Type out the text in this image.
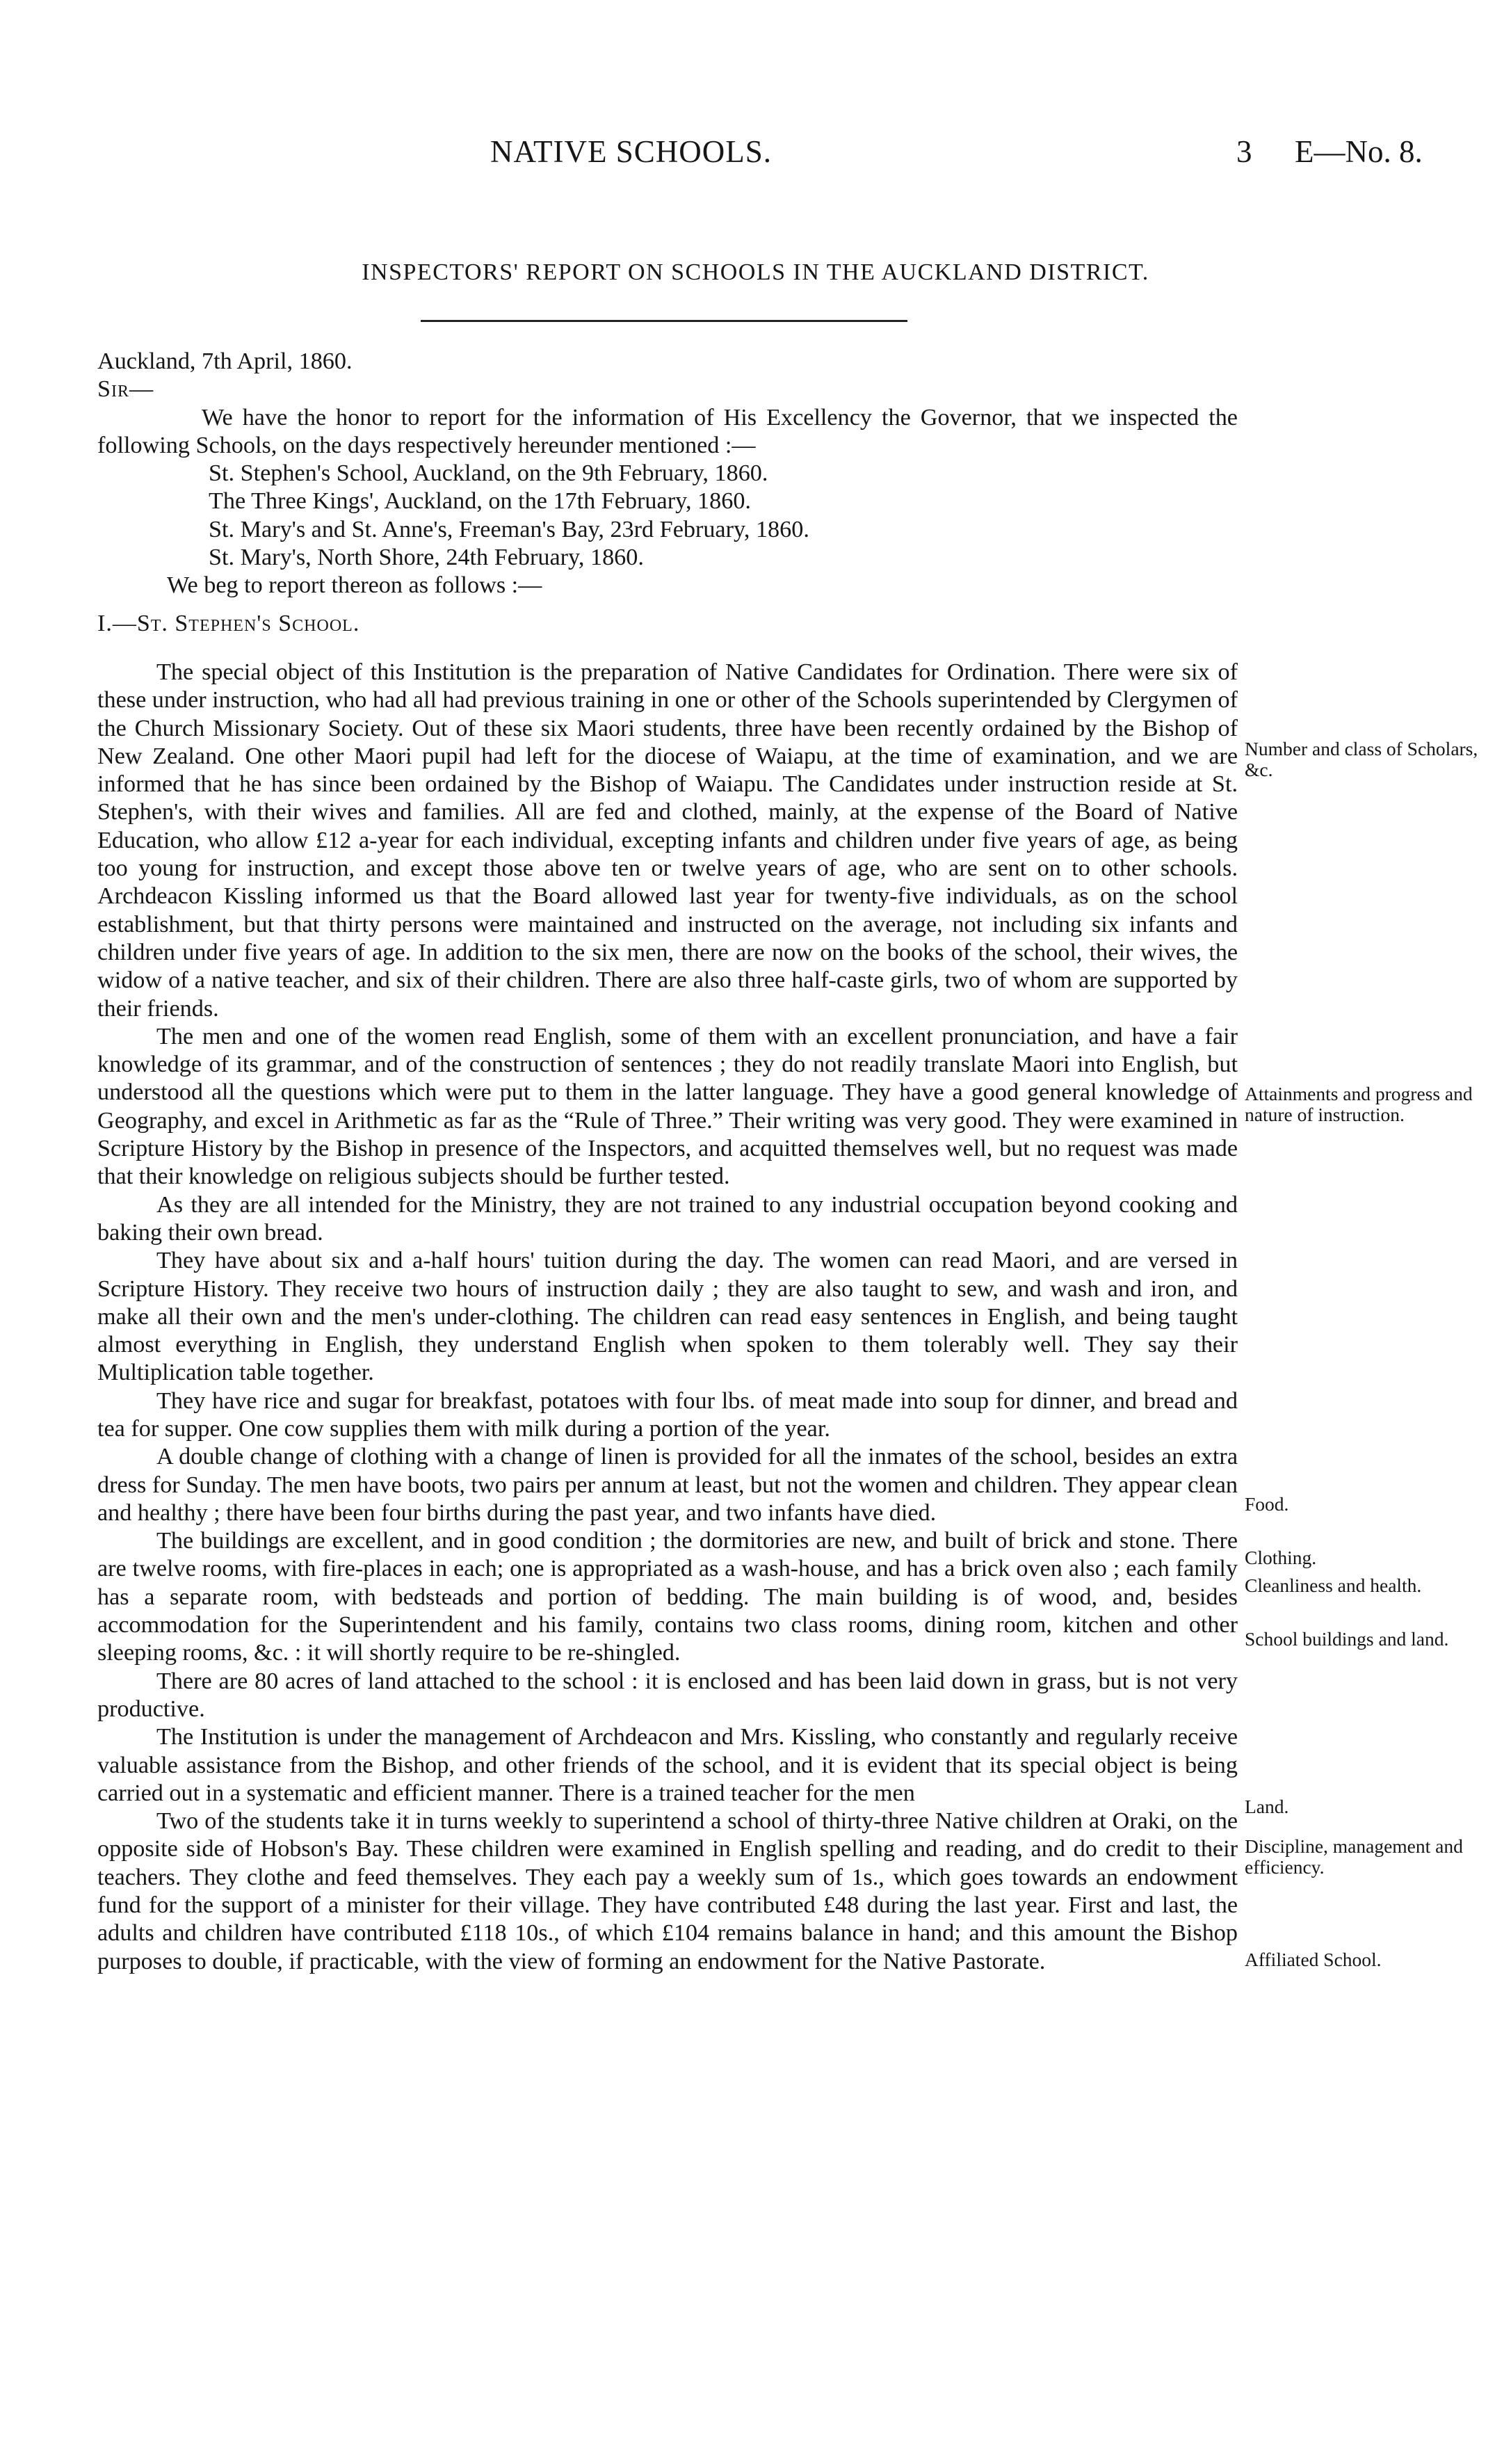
NATIVE SCHOOLS.	3 E—No. 8.
INSPECTORS' REPORT ON SCHOOLS IN THE AUCKLAND DISTRICT.

Auckland, 7th April, 1860.

Sir—

We have the honor to report for the information of His Excellency the Governor, that we inspected the following Schools, on the days respectively hereunder mentioned :—

St. Stephen's School, Auckland, on the 9th February, 1860.

The Three Kings', Auckland, on the 17th February, 1860.

St. Mary's and St. Anne's, Freeman's Bay, 23rd February, 1860.

St. Mary's, North Shore, 24th February, 1860.

We beg to report thereon as follows :—

I.—St. Stephen's School.

The special object of this Institution is the preparation of Native Candidates for Ordination. There were six of these under instruction, who had all had previous training in one or other of the Schools superintended by Clergymen of the Church Missionary Society. Out of these six Maori students, three have been recently ordained by the Bishop of New Zealand. One other Maori pupil had left for the diocese of Waiapu, at the time of examination, and we are informed that he has since been ordained by the Bishop of Waiapu. The Candidates under instruction reside at St. Stephen's, with their wives and families. All are fed and clothed, mainly, at the expense of the Board of Native Education, who allow £12 a-year for each individual, excepting infants and children under five years of age, as being too young for instruction, and except those above ten or twelve years of age, who are sent on to other schools. Archdeacon Kissling informed us that the Board allowed last year for twenty-five individuals, as on the school establishment, but that thirty persons were maintained and instructed on the average, not including six infants and children under five years of age. In addition to the six men, there are now on the books of the school, their wives, the widow of a native teacher, and six of their children. There are also three half-caste girls, two of whom are supported by their friends.

The men and one of the women read English, some of them with an excellent pronunciation, and have a fair knowledge of its grammar, and of the construction of sentences ; they do not readily translate Maori into English, but understood all the questions which were put to them in the latter language. They have a good general knowledge of Geography, and excel in Arithmetic as far as the “Rule of Three.” Their writing was very good. They were examined in Scripture History by the Bishop in presence of the Inspectors, and acquitted themselves well, but no request was made that their knowledge on religious subjects should be further tested.

As they are all intended for the Ministry, they are not trained to any industrial occupation beyond cooking and baking their own bread.

They have about six and a-half hours' tuition during the day. The women can read Maori, and are versed in Scripture History. They receive two hours of instruction daily ; they are also taught to sew, and wash and iron, and make all their own and the men's under-clothing. The children can read easy sentences in English, and being taught almost everything in English, they understand English when spoken to them tolerably well. They say their Multiplication table together.

They have rice and sugar for breakfast, potatoes with four lbs. of meat made into soup for dinner, and bread and tea for supper. One cow supplies them with milk during a portion of the year.

A double change of clothing with a change of linen is provided for all the inmates of the school, besides an extra dress for Sunday. The men have boots, two pairs per annum at least, but not the women and children. They appear clean and healthy ; there have been four births during the past year, and two infants have died.

The buildings are excellent, and in good condition ; the dormitories are new, and built of brick and stone. There are twelve rooms, with fire-places in each; one is appropriated as a wash-house, and has a brick oven also ; each family has a separate room, with bedsteads and portion of bedding. The main building is of wood, and, besides accommodation for the Superintendent and his family, contains two class rooms, dining room, kitchen and other sleeping rooms, &c. : it will shortly require to be re-shingled.

There are 80 acres of land attached to the school : it is enclosed and has been laid down in grass, but is not very productive.

The Institution is under the management of Archdeacon and Mrs. Kissling, who constantly and regularly receive valuable assistance from the Bishop, and other friends of the school, and it is evident that its special object is being carried out in a systematic and efficient manner. There is a trained teacher for the men

Two of the students take it in turns weekly to superintend a school of thirty-three Native children at Oraki, on the opposite side of Hobson's Bay. These children were examined in English spelling and reading, and do credit to their teachers. They clothe and feed themselves. They each pay a weekly sum of 1s., which goes towards an endowment fund for the support of a minister for their village. They have contributed £48 during the last year. First and last, the adults and children have contributed £118 10s., of which £104 remains balance in hand; and this amount the Bishop purposes to double, if practicable, with the view of forming an endowment for the Native Pastorate.

Number and class of Scholars, &c.
Attainments and progress and nature of instruction.
Food.
Clothing.
Cleanliness and health.
School buildings and land.
Land.
Discipline, management and efficiency.
Affiliated School.
